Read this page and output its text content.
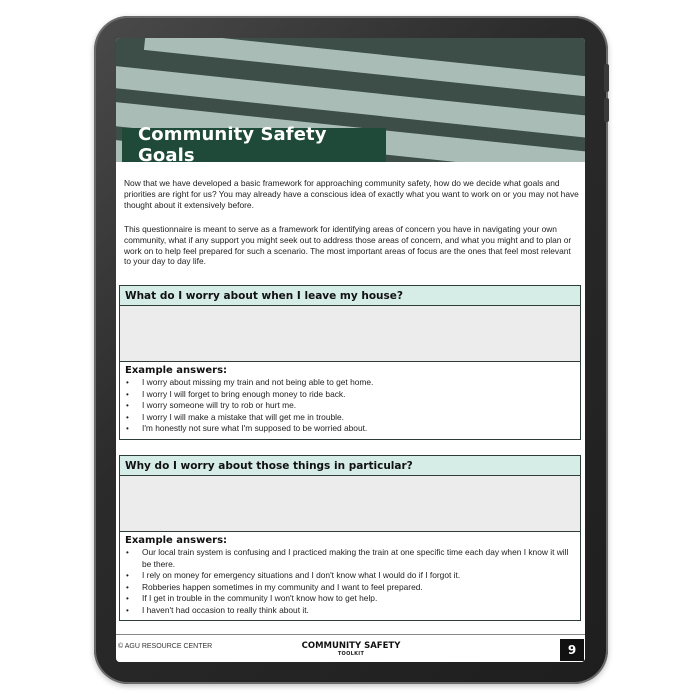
Community Safety Goals

Now that we have developed a basic framework for approaching community safety, how do we decide what goals and priorities are right for us? You may already have a conscious idea of exactly what you want to work on or you may not have thought about it extensively before.

This questionnaire is meant to serve as a framework for identifying areas of concern you have in navigating your own community, what if any support you might seek out to address those areas of concern, and what you might and to plan or work on to help feel prepared for such a scenario. The most important areas of focus are the ones that feel most relevant to your day to day life.

What do I worry about when I leave my house?
Example answers:
• I worry about missing my train and not being able to get home.
• I worry I will forget to bring enough money to ride back.
• I worry someone will try to rob or hurt me.
• I worry I will make a mistake that will get me in trouble.
• I'm honestly not sure what I'm supposed to be worried about.
Why do I worry about those things in particular?
Example answers:
• Our local train system is confusing and I practiced making the train at one specific time each day when I know it will be there.
• I rely on money for emergency situations and I don't know what I would do if I forgot it.
• Robberies happen sometimes in my community and I want to feel prepared.
• If I get in trouble in the community I won't know how to get help.
• I haven't had occasion to really think about it.
© AGU RESOURCE CENTER	COMMUNITY SAFETY
TOOLKIT	9
